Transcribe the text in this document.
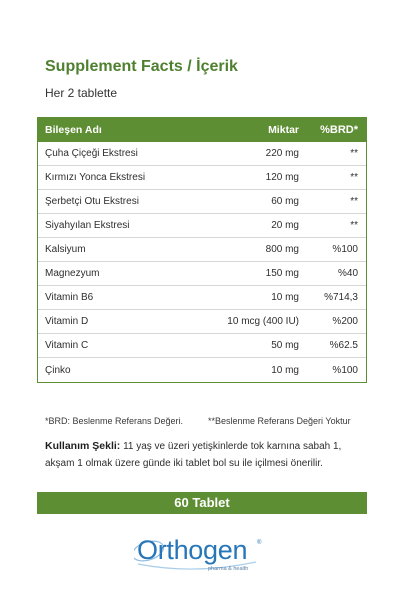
Supplement Facts / İçerik
Her 2 tablette
Bileşen Adı	Miktar	%BRD*
Çuha Çiçeği Ekstresi	220 mg	**
Kırmızı Yonca Ekstresi	120 mg	**
Şerbetçi Otu Ekstresi	60 mg	**
Siyahyılan Ekstresi	20 mg	**
Kalsiyum	800 mg	%100
Magnezyum	150 mg	%40
Vitamin B6	10 mg	%714,3
Vitamin D	10 mcg (400 IU)	%200
Vitamin C	50 mg	%62.5
Çinko	10 mg	%100
*BRD: Beslenme Referans Değeri.	**Beslenme Referans Değeri Yoktur
Kullanım Şekli: 11 yaş ve üzeri yetişkinlerde tok karnına sabah 1,
akşam 1 olmak üzere günde iki tablet bol su ile içilmesi önerilir.
60 Tablet
Orthogen ®
pharma & health
